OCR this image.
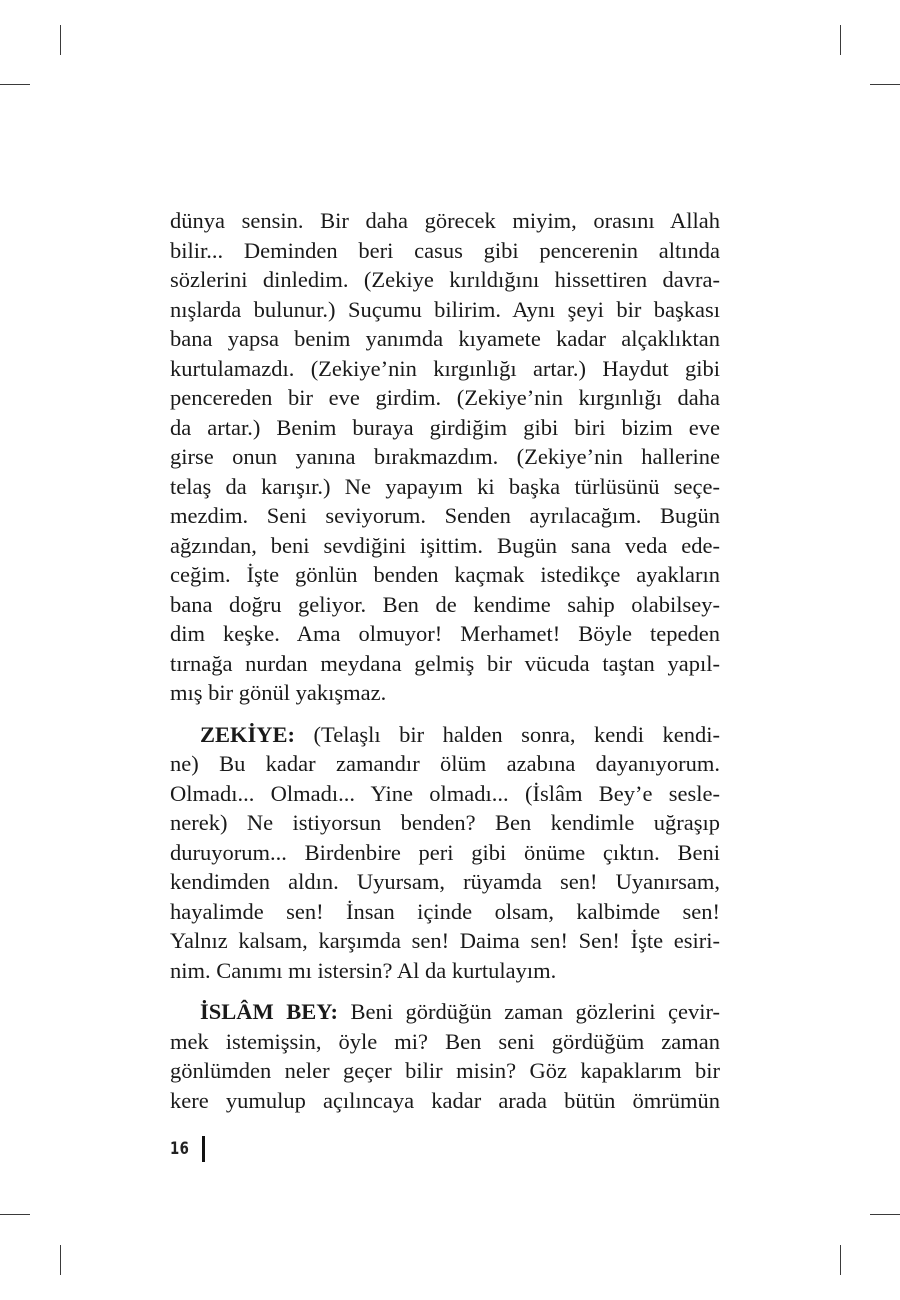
dünya sensin. Bir daha görecek miyim, orasını Allah
bilir... Deminden beri casus gibi pencerenin altında
sözlerini dinledim. (Zekiye kırıldığını hissettiren davra-
nışlarda bulunur.) Suçumu bilirim. Aynı şeyi bir başkası
bana yapsa benim yanımda kıyamete kadar alçaklıktan
kurtulamazdı. (Zekiye’nin kırgınlığı artar.) Haydut gibi
pencereden bir eve girdim. (Zekiye’nin kırgınlığı daha
da artar.) Benim buraya girdiğim gibi biri bizim eve
girse onun yanına bırakmazdım. (Zekiye’nin hallerine
telaş da karışır.) Ne yapayım ki başka türlüsünü seçe-
mezdim. Seni seviyorum. Senden ayrılacağım. Bugün
ağzından, beni sevdiğini işittim. Bugün sana veda ede-
ceğim. İşte gönlün benden kaçmak istedikçe ayakların
bana doğru geliyor. Ben de kendime sahip olabilsey-
dim keşke. Ama olmuyor! Merhamet! Böyle tepeden
tırnağa nurdan meydana gelmiş bir vücuda taştan yapıl-
mış bir gönül yakışmaz.
ZEKİYE: (Telaşlı bir halden sonra, kendi kendi-
ne) Bu kadar zamandır ölüm azabına dayanıyorum.
Olmadı... Olmadı... Yine olmadı... (İslâm Bey’e sesle-
nerek) Ne istiyorsun benden? Ben kendimle uğraşıp
duruyorum... Birdenbire peri gibi önüme çıktın. Beni
kendimden aldın. Uyursam, rüyamda sen! Uyanırsam,
hayalimde sen! İnsan içinde olsam, kalbimde sen!
Yalnız kalsam, karşımda sen! Daima sen! Sen! İşte esiri-
nim. Canımı mı istersin? Al da kurtulayım.
İSLÂM BEY: Beni gördüğün zaman gözlerini çevir-
mek istemişsin, öyle mi? Ben seni gördüğüm zaman
gönlümden neler geçer bilir misin? Göz kapaklarım bir
kere yumulup açılıncaya kadar arada bütün ömrümün
16
